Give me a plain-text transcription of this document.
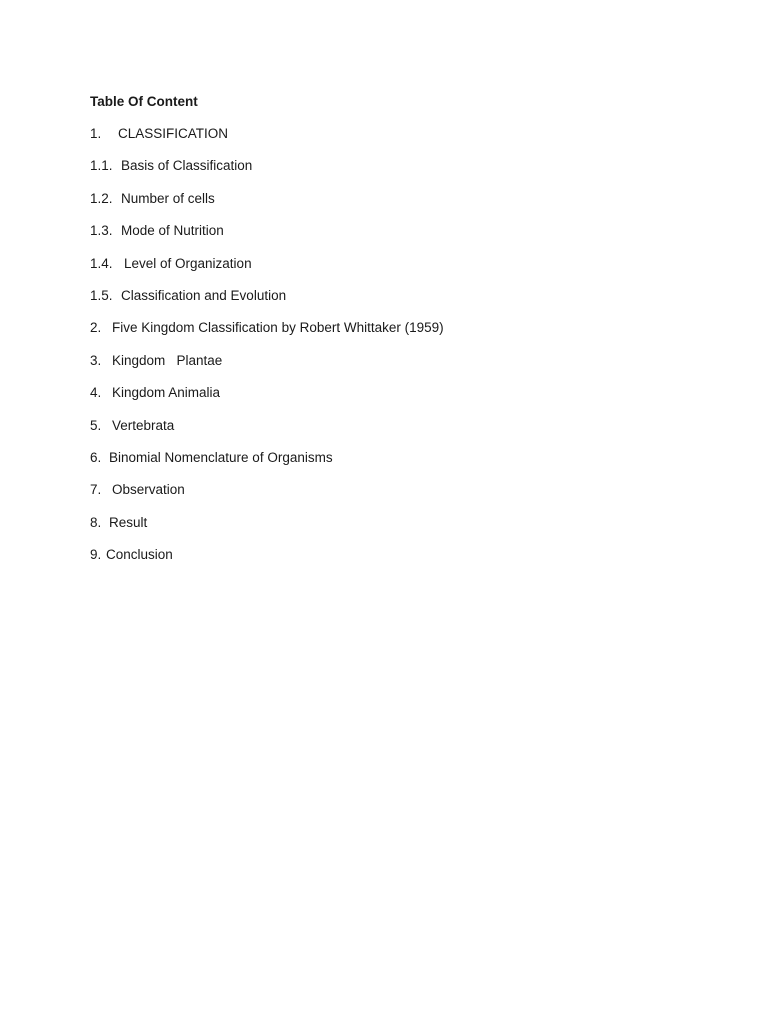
Table Of Content
1.	CLASSIFICATION
1.1. Basis of Classification
1.2. Number of cells
1.3. Mode of Nutrition
1.4. Level of Organization
1.5. Classification and Evolution
2. Five Kingdom Classification by Robert Whittaker (1959)
3. Kingdom   Plantae
4. Kingdom Animalia
5. Vertebrata
6. Binomial Nomenclature of Organisms
7. Observation
8. Result
9. Conclusion
